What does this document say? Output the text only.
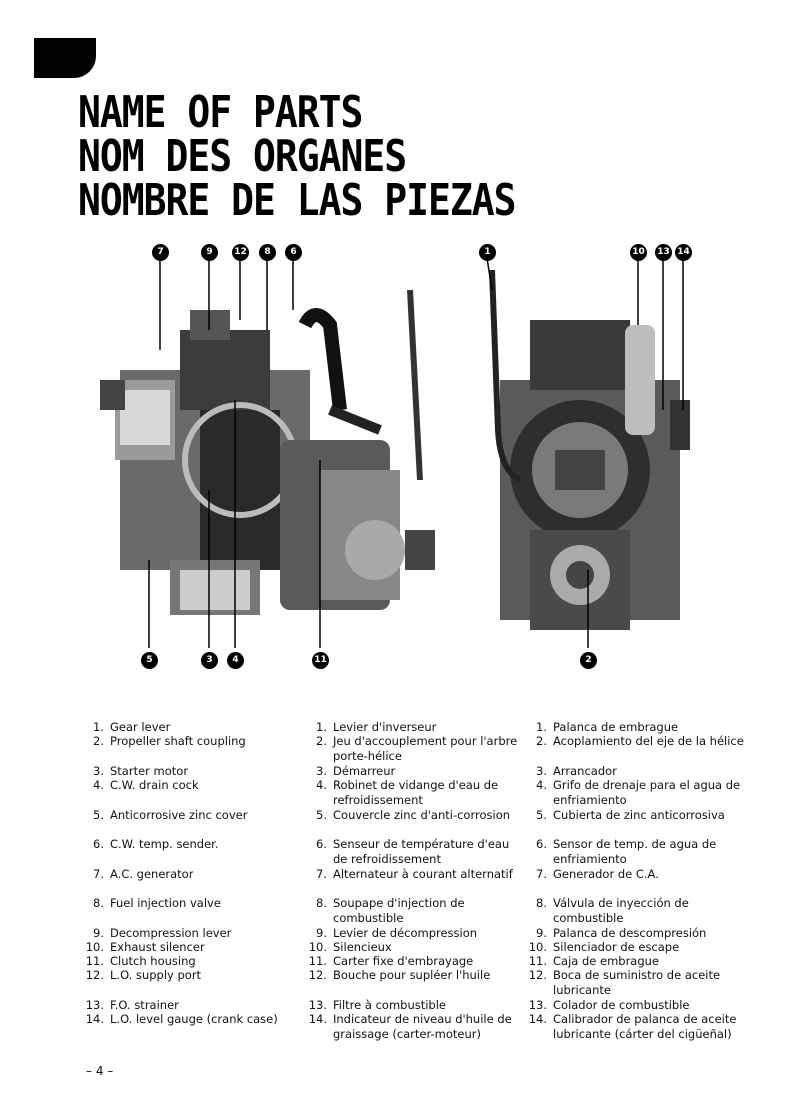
NAME OF PARTS
NOM DES ORGANES
NOMBRE DE LAS PIEZAS
7	9	12	8	6
5	3	4	11
1	10 13 14
2
1. Gear lever
2. Propeller shaft coupling
3. Starter motor
4. C.W. drain cock
5. Anticorrosive zinc cover
6. C.W. temp. sender.
7. A.C. generator
8. Fuel injection valve
9. Decompression lever
10. Exhaust silencer
11. Clutch housing
12. L.O. supply port
13. F.O. strainer
14. L.O. level gauge (crank case)
1. Levier d'inverseur
2. Jeu d'accouplement pour l'arbre porte-hélice
3. Démarreur
4. Robinet de vidange d'eau de refroidissement
5. Couvercle zinc d'anti-corrosion
6. Senseur de température d'eau de refroidissement
7. Alternateur à courant alternatif
8. Soupape d'injection de combustible
9. Levier de décompression
10. Silencieux
11. Carter fixe d'embrayage
12. Bouche pour supléer l'huile
13. Filtre à combustible
14. Indicateur de niveau d'huile de graissage (carter-moteur)
1. Palanca de embrague
2. Acoplamiento del eje de la hélice
3. Arrancador
4. Grifo de drenaje para el agua de enfriamiento
5. Cubierta de zinc anticorrosiva
6. Sensor de temp. de agua de enfriamiento
7. Generador de C.A.
8. Válvula de inyección de combustible
9. Palanca de descompresión
10. Silenciador de escape
11. Caja de embrague
12. Boca de suministro de aceite lubricante
13. Colador de combustible
14. Calibrador de palanca de aceite lubricante (cárter del cigüeñal)
– 4 –
